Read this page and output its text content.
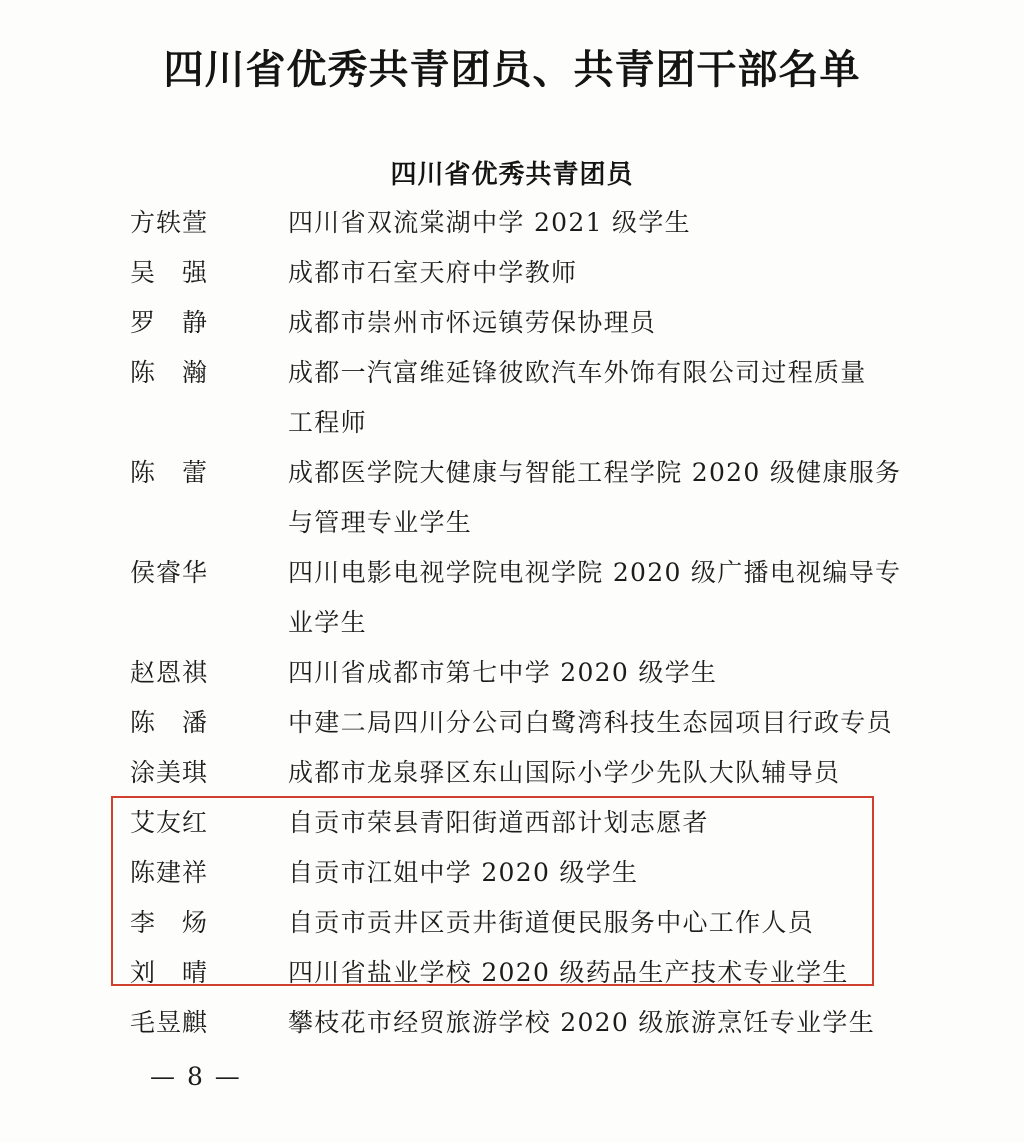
四川省优秀共青团员、共青团干部名单
四川省优秀共青团员
方轶萱	四川省双流棠湖中学 2021 级学生
吴　强	成都市石室天府中学教师
罗　静	成都市崇州市怀远镇劳保协理员
陈　瀚	成都一汽富维延锋彼欧汽车外饰有限公司过程质量
工程师
陈　蕾	成都医学院大健康与智能工程学院 2020 级健康服务
与管理专业学生
侯睿华	四川电影电视学院电视学院 2020 级广播电视编导专
业学生
赵恩祺	四川省成都市第七中学 2020 级学生
陈　潘	中建二局四川分公司白鹭湾科技生态园项目行政专员
涂美琪	成都市龙泉驿区东山国际小学少先队大队辅导员
艾友红	自贡市荣县青阳街道西部计划志愿者
陈建祥	自贡市江姐中学 2020 级学生
李　炀	自贡市贡井区贡井街道便民服务中心工作人员
刘　晴	四川省盐业学校 2020 级药品生产技术专业学生
毛昱麒	攀枝花市经贸旅游学校 2020 级旅游烹饪专业学生
— 8 —
